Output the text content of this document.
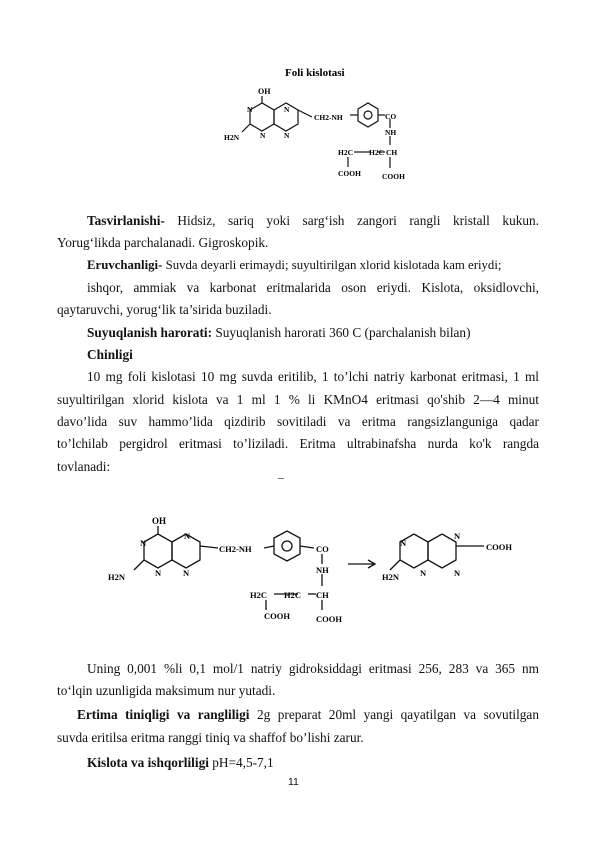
Foli kislotasi
OH
N
N
N
N
H2N
CH2-NH	CO
NH
H2C H2C CH
COOH	COOH
Tasvirlanishi- Hidsiz, sariq yoki sarg‘ish zangori rangli kristall kukun.
Yorug‘likda parchalanadi. Gigroskopik.
Eruvchanligi- Suvda deyarli erimaydi; suyultirilgan xlorid kislotada kam eriydi;
ishqor, ammiak va karbonat eritmalarida oson eriydi. Kislota, oksidlovchi,
qaytaruvchi, yorug‘lik ta’sirida buziladi.
Suyuqlanish harorati: Suyuqlanish harorati 360 C (parchalanish bilan)
Chinligi
10 mg foli kislotasi 10 mg suvda eritilib, 1 to’lchi natriy karbonat eritmasi, 1 ml
suyultirilgan xlorid kislota va 1 ml 1 % li KMnO4 eritmasi qo'shib 2—4 minut
davo’lida suv hammo’lida qizdirib sovitiladi va eritma rangsizlanguniga qadar
to’lchilab pergidrol eritmasi to’liziladi. Eritma ultrabinafsha nurda ko'k rangda
tovlanadi:
–
OH
N
N
N
N
H2N
CH2-NH	CO
NH
H2C H2C CH
COOH	COOH
N
N
N
N
H2N
COOH
Uning 0,001 %li 0,1 mol/1 natriy gidroksiddagi eritmasi 256, 283 va 365 nm
to‘lqin uzunligida maksimum nur yutadi.
Ertima tiniqligi va rangliligi 2g preparat 20ml yangi qayatilgan va sovutilgan
suvda eritilsa eritma ranggi tiniq va shaffof bo’lishi zarur.
Kislota va ishqorliligi pH=4,5-7,1
11
